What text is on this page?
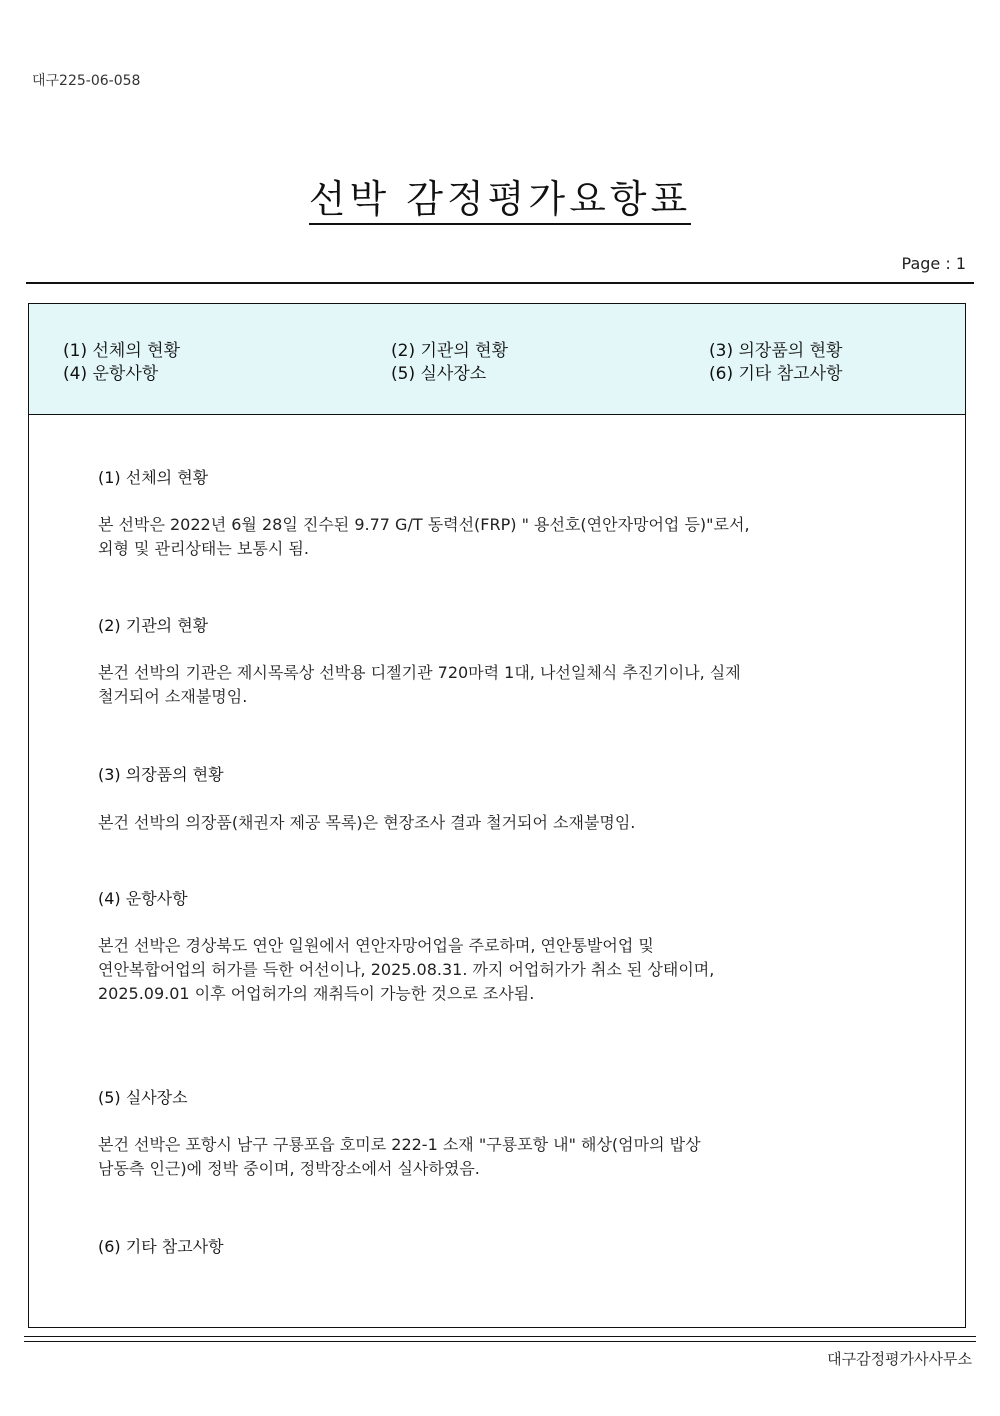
대구225-06-058
선박 감정평가요항표
Page : 1
(1) 선체의 현황	(2) 기관의 현황	(3) 의장품의 현황
(4) 운항사항	(5) 실사장소	(6) 기타 참고사항
(1) 선체의 현황
본 선박은 2022년 6월 28일 진수된 9.77 G/T 동력선(FRP) " 용선호(연안자망어업 등)"로서,
외형 및 관리상태는 보통시 됨.
(2) 기관의 현황
본건 선박의 기관은 제시목록상 선박용 디젤기관 720마력 1대, 나선일체식 추진기이나, 실제
철거되어 소재불명임.
(3) 의장품의 현황
본건 선박의 의장품(채권자 제공 목록)은 현장조사 결과 철거되어 소재불명임.
(4) 운항사항
본건 선박은 경상북도 연안 일원에서 연안자망어업을 주로하며, 연안통발어업 및
연안복합어업의 허가를 득한 어선이나, 2025.08.31. 까지 어업허가가 취소 된 상태이며,
2025.09.01 이후 어업허가의 재취득이 가능한 것으로 조사됨.
(5) 실사장소
본건 선박은 포항시 남구 구룡포읍 호미로 222-1 소재 "구룡포항 내" 해상(엄마의 밥상
남동측 인근)에 정박 중이며, 정박장소에서 실사하였음.
(6) 기타 참고사항
대구감정평가사사무소
